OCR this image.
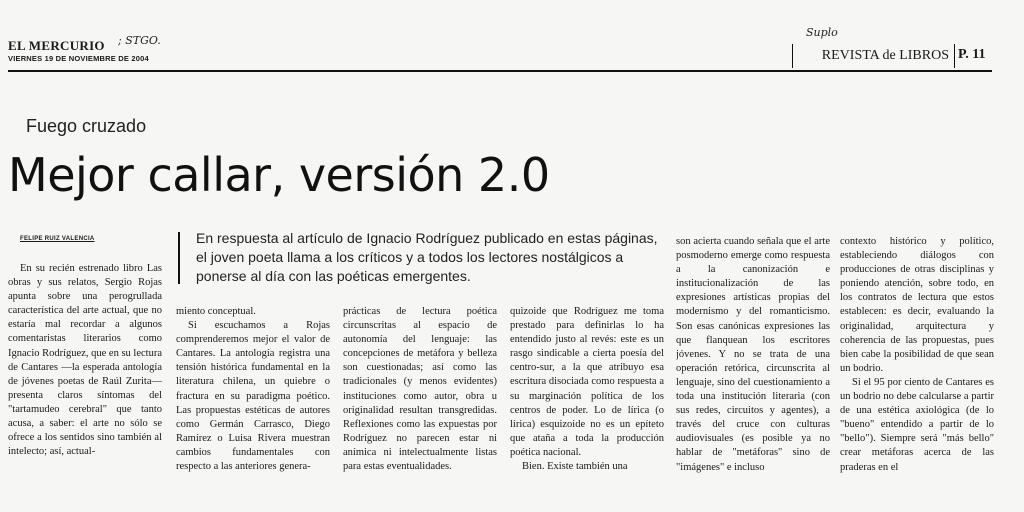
EL MERCURIO ; STGO.
VIERNES 19 DE NOVIEMBRE DE 2004
Suplo
REVISTA de LIBROS P. 11
Fuego cruzado
Mejor callar, versión 2.0
FELIPE RUIZ VALENCIA	En respuesta al artículo de Ignacio Rodríguez publicado en estas páginas, el joven poeta llama a los críticos y a todos los lectores nostálgicos a ponerse al día con las poéticas emergentes.

En su recién estrenado libro Las obras y sus relatos, Sergio Rojas apunta sobre una perogrullada característica del arte actual, que no estaría mal recordar a algunos comentaristas literarios como Ignacio Rodríguez, que en su lectura de Cantares —la esperada antología de jóvenes poetas de Raúl Zurita— presenta claros síntomas del "tartamudeo cerebral" que tanto acusa, a saber: el arte no sólo se ofrece a los sentidos sino también al intelecto; así, actual-

miento conceptual.

Si escuchamos a Rojas comprenderemos mejor el valor de Cantares. La antología registra una tensión histórica fundamental en la literatura chilena, un quiebre o fractura en su paradigma poético. Las propuestas estéticas de autores como Germán Carrasco, Diego Ramírez o Luisa Rivera muestran cambios fundamentales con respecto a las anteriores genera-

prácticas de lectura poética circunscritas al espacio de autonomía del lenguaje: las concepciones de metáfora y belleza son cuestionadas; así como las tradicionales (y menos evidentes) instituciones como autor, obra u originalidad resultan transgredidas. Reflexiones como las expuestas por Rodríguez no parecen estar ni anímica ni intelectualmente listas para estas eventualidades.

quizoide que Rodríguez me toma prestado para definirlas lo ha entendido justo al revés: este es un rasgo sindicable a cierta poesía del centro-sur, a la que atribuyo esa escritura disociada como respuesta a su marginación política de los centros de poder. Lo de lírica (o lírica) esquizoide no es un epíteto que ataña a toda la producción poética nacional.

Bien. Existe también una

son acierta cuando señala que el arte posmoderno emerge como respuesta a la canonización e institucionalización de las expresiones artísticas propias del modernismo y del romanticismo. Son esas canónicas expresiones las que flanquean los escritores jóvenes. Y no se trata de una operación retórica, circunscrita al lenguaje, sino del cuestionamiento a toda una institución literaria (con sus redes, circuitos y agentes), a través del cruce con culturas audiovisuales (es posible ya no hablar de "metáforas" sino de "imágenes" e incluso

contexto histórico y político, estableciendo diálogos con producciones de otras disciplinas y poniendo atención, sobre todo, en los contratos de lectura que estos establecen: es decir, evaluando la originalidad, arquitectura y coherencia de las propuestas, pues bien cabe la posibilidad de que sean un bodrio.

Si el 95 por ciento de Cantares es un bodrio no debe calcularse a partir de una estética axiológica (de lo "bueno" entendido a partir de lo "bello"). Siempre será "más bello" crear metáforas acerca de las praderas en el
